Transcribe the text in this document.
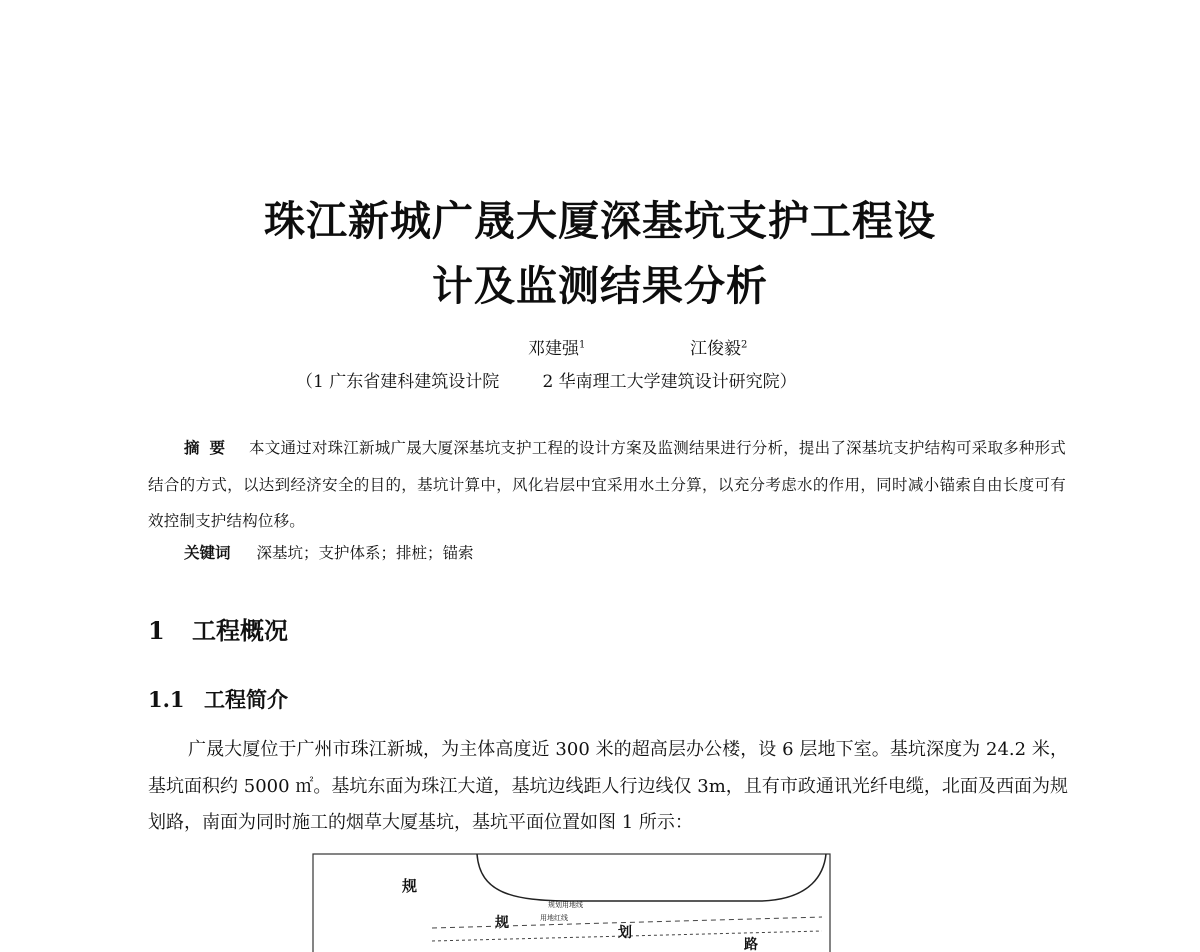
珠江新城广晟大厦深基坑支护工程设
计及监测结果分析
邓建强$^1$	江俊毅$^2$
（1 广东省建科建筑设计院        2 华南理工大学建筑设计研究院）
摘要 本文通过对珠江新城广晟大厦深基坑支护工程的设计方案及监测结果进行分析，提出了深基坑支护结构可采取多种形式结合的方式，以达到经济安全的目的，基坑计算中，风化岩层中宜采用水土分算，以充分考虑水的作用，同时减小锚索自由长度可有效控制支护结构位移。
关键词 深基坑；支护体系；排桩；锚索
1 工程概况
1.1 工程简介
广晟大厦位于广州市珠江新城，为主体高度近 300 米的超高层办公楼，设 6 层地下室。基坑深度为 24.2 米，基坑面积约 5000 ㎡。基坑东面为珠江大道，基坑边线距人行边线仅 3m，且有市政通讯光纤电缆，北面及西面为规划路，南面为同时施工的烟草大厦基坑，基坑平面位置如图 1 所示：
规
规
划
路
规划用地线
用地红线
